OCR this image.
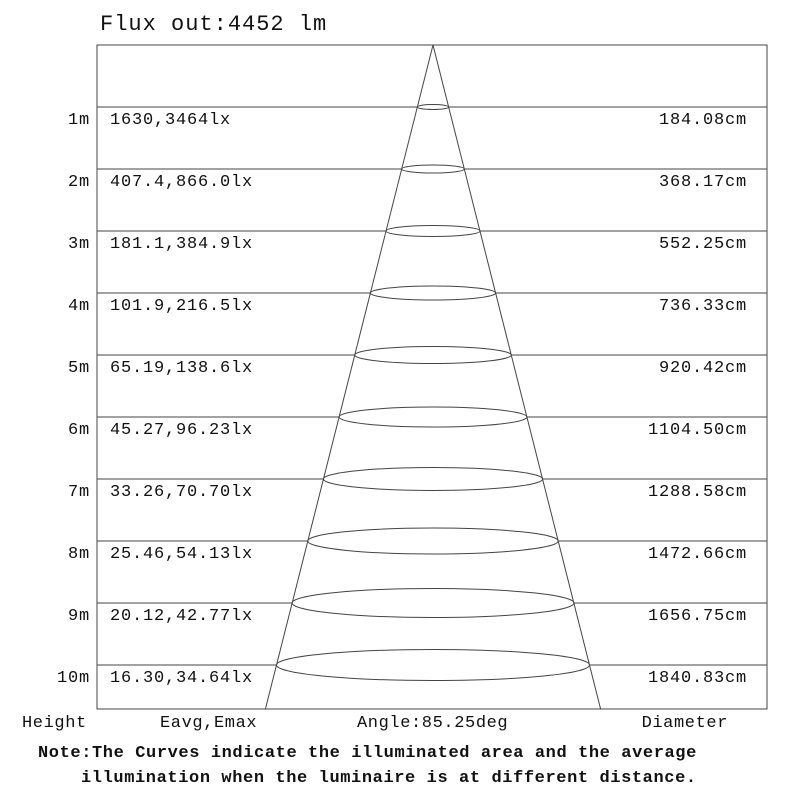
Flux out:4452 lm
1m 1630,3464lx	184.08cm
2m 407.4,866.0lx	368.17cm
3m 181.1,384.9lx	552.25cm
4m 101.9,216.5lx	736.33cm
5m 65.19,138.6lx	920.42cm
6m 45.27,96.23lx	1104.50cm
7m 33.26,70.70lx	1288.58cm
8m 25.46,54.13lx	1472.66cm
9m 20.12,42.77lx	1656.75cm
10m 16.30,34.64lx	1840.83cm
Height	Eavg,Emax	Angle:85.25deg	Diameter
Note:The Curves indicate the illuminated area and the average
illumination when the luminaire is at different distance.
